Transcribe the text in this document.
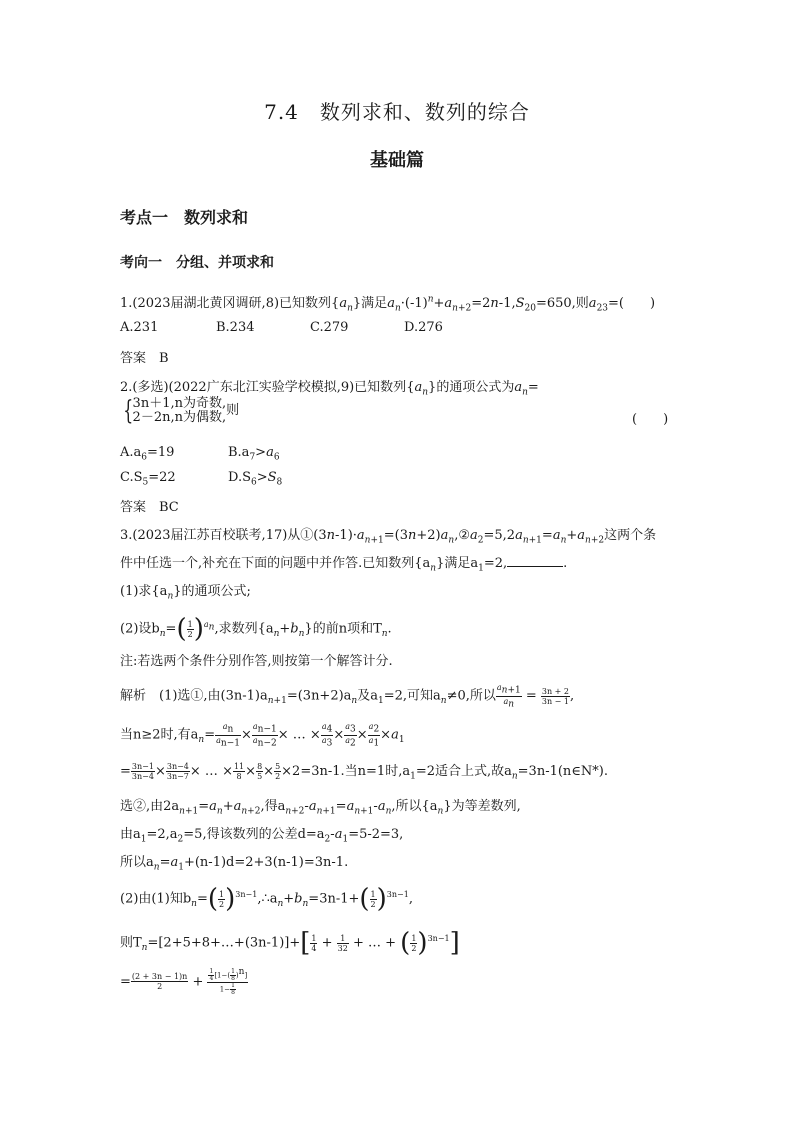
7.4　数列求和、数列的综合
基础篇
考点一　数列求和
考向一　分组、并项求和
1.(2023届湖北黄冈调研,8)已知数列$\{a_n\}$满足$a_n\cdot(-1)^n+a_{n+2}=2n-1,S_{20}=650$,则$a_{23}=$(　　)
A.231	B.234	C.279	D.276
答案　B
2.(多选)(2022广东北江实验学校模拟,9)已知数列$\{a_n\}$的通项公式为$a_n=$
{ 3n＋1,n为奇数,
2－2n,n为偶数, 则
(　　)
$A.a_6=19$	$B.a_7>a_6$
$C.S_5=22$	$D.S_6>S_8$
答案　BC
3.(2023届江苏百校联考,17)从$①(3n-1)\cdot a_{n+1}=(3n+2)a_n,②a_2=5,2a_{n+1}=a_n+a_{n+2}$这两个条
件中任选一个,补充在下面的问题中并作答.已知数列$\{a_n\}$满足$a_1=2$,	.
(1)求$\{a_n\}$的通项公式;
(2)设$b_n=( \frac{1}{2} )^{a_n}$,求数列$\{a_n+b_n\}$的前n项和$T_n$.
注:若选两个条件分别作答,则按第一个解答计分.
解析　(1)选①,由$(3n-1)a_{n+1}=(3n+2)a_n$及$a_1=2$,可知$a_n\ne 0$,所以 $\frac{a_{n+1}}{a_n} = \frac{3n + 2}{3n - 1}$ ,
当n≥2时,有$a_n= \frac{a_n}{a_{n-1}} \times \frac{a_{n-1}}{a_{n-2}}$ × … × $\frac{a_4}{a_3} \times \frac{a_3}{a_2} \times \frac{a_2}{a_1} \times a_1$
= $\frac{3n-1}{3n-4} \times \frac{3n-4}{3n-7}$ × … × $\frac{11}{8} \times \frac{8}{5} \times \frac{5}{2} \times 2=3n-1$.当n=1时$,a_1=2$适合上式,故$a_n=3n-1(n\in N*)$.
选②,由$2a_{n+1}=a_n+a_{n+2}$,得$a_{n+2}-a_{n+1}=a_{n+1}-a_n$,所以$\{a_n\}$为等差数列,
由$a_1=2,a_2=5$,得该数列的公差$d=a_2-a_1=5-2=3$,
所以$a_n=a_1+(n-1)d=2+3(n-1)=3n-1$.
(2)由(1)知$b_n=( \frac{1}{2}$ )$^{3n-1},\therefore a_n+b_n=3n-1+( \frac{1}{2} )^{3n-1}$,
则$T_n=[2+5+8+\dots+(3n-1)]+[ \frac{1}{4} + \frac{1}{32}$ + … + ( $\frac{1}{2} )^{3n-1}$]
= $\frac{(2 + 3n - 1)n}{2} + \frac{\frac{1}{4} [1-( \frac{1}{8} )^n]}{1- \frac{1}{8}}$
